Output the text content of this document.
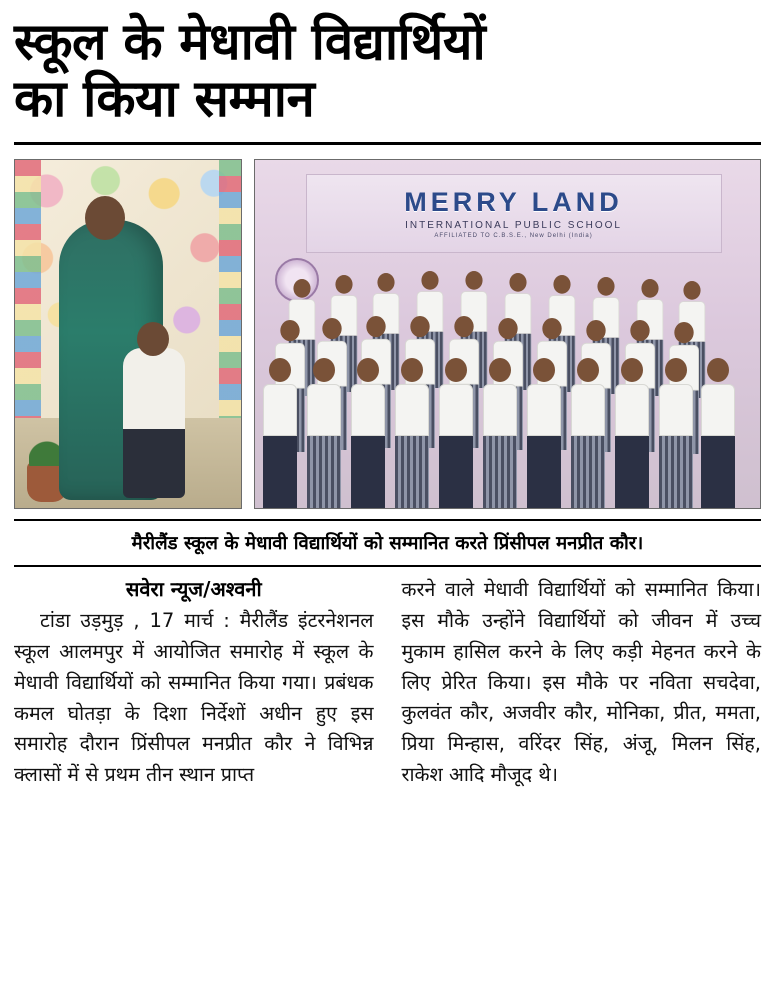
स्कूल के मेधावी विद्यार्थियों
का किया सम्मान
MERRY LAND
INTERNATIONAL PUBLIC SCHOOL
AFFILIATED TO C.B.S.E., New Delhi (India)
मैरीलैंड स्कूल के मेधावी विद्यार्थियों को सम्मानित करते प्रिंसीपल मनप्रीत कौर।
सवेरा न्यूज/अश्वनी
टांडा उड़मुड़ , 17 मार्च : मैरीलैंड इंटरनेशनल स्कूल आलमपुर में आयोजित समारोह में स्कूल के मेधावी विद्यार्थियों को सम्मानित किया गया। प्रबंधक कमल घोतड़ा के दिशा निर्देशों अधीन हुए इस समारोह दौरान प्रिंसीपल मनप्रीत कौर ने विभिन्न क्लासों में से प्रथम तीन स्थान प्राप्त
करने वाले मेधावी विद्यार्थियों को सम्मानित किया। इस मौके उन्होंने विद्यार्थियों को जीवन में उच्च मुकाम हासिल करने के लिए कड़ी मेहनत करने के लिए प्रेरित किया। इस मौके पर नविता सचदेवा, कुलवंत कौर, अजवीर कौर, मोनिका, प्रीत, ममता, प्रिया मिन्हास, वरिंदर सिंह, अंजू, मिलन सिंह, राकेश आदि मौजूद थे।
